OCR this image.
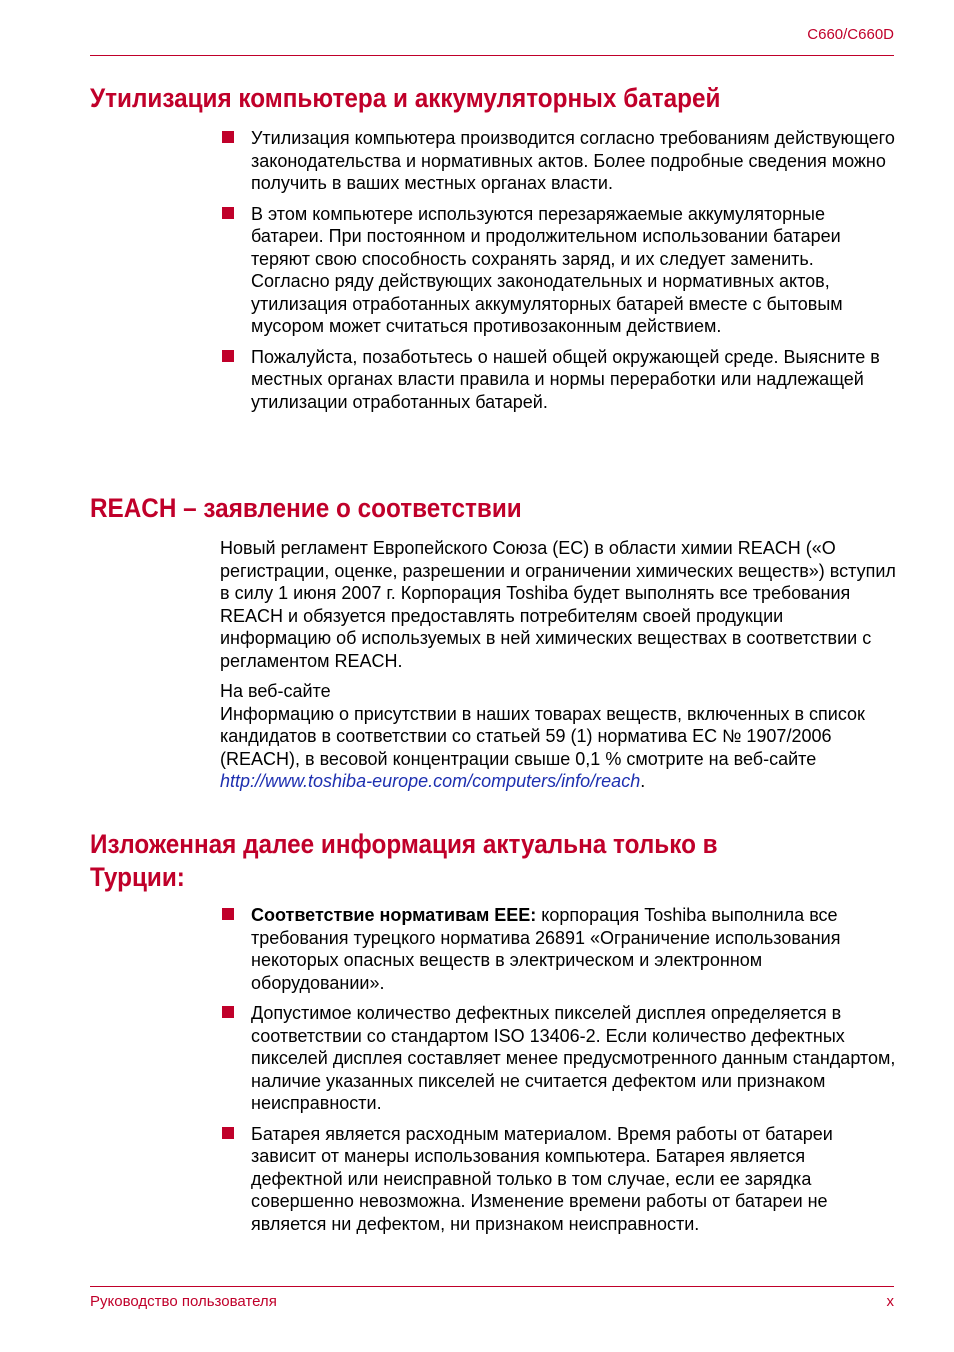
C660/C660D
Утилизация компьютера и аккумуляторных батарей
Утилизация компьютера производится согласно требованиям действующего законодательства и нормативных актов. Более подробные сведения можно получить в ваших местных органах власти.
В этом компьютере используются перезаряжаемые аккумуляторные батареи. При постоянном и продолжительном использовании батареи теряют свою способность сохранять заряд, и их следует заменить. Согласно ряду действующих законодательных и нормативных актов, утилизация отработанных аккумуляторных батарей вместе с бытовым мусором может считаться противозаконным действием.
Пожалуйста, позаботьтесь о нашей общей окружающей среде. Выясните в местных органах власти правила и нормы переработки или надлежащей утилизации отработанных батарей.
REACH – заявление о соответствии

Новый регламент Европейского Союза (ЕС) в области химии REACH («О регистрации, оценке, разрешении и ограничении химических веществ») вступил в силу 1 июня 2007 г. Корпорация Toshiba будет выполнять все требования REACH и обязуется предоставлять потребителям своей продукции информацию об используемых в ней химических веществах в соответствии с регламентом REACH.

На веб-сайте
Информацию о присутствии в наших товарах веществ, включенных в список кандидатов в соответствии со статьей 59 (1) норматива ЕС № 1907/2006 (REACH), в весовой концентрации свыше 0,1 % смотрите на веб-сайте http://www.toshiba-europe.com/computers/info/reach.

Изложенная далее информация актуальна только в Турции:
Соответствие нормативам EEE: корпорация Toshiba выполнила все требования турецкого норматива 26891 «Ограничение использования некоторых опасных веществ в электрическом и электронном оборудовании».
Допустимое количество дефектных пикселей дисплея определяется в соответствии со стандартом ISO 13406-2. Если количество дефектных пикселей дисплея составляет менее предусмотренного данным стандартом, наличие указанных пикселей не считается дефектом или признаком неисправности.
Батарея является расходным материалом. Время работы от батареи зависит от манеры использования компьютера. Батарея является дефектной или неисправной только в том случае, если ее зарядка совершенно невозможна. Изменение времени работы от батареи не является ни дефектом, ни признаком неисправности.
Руководство пользователя	x
